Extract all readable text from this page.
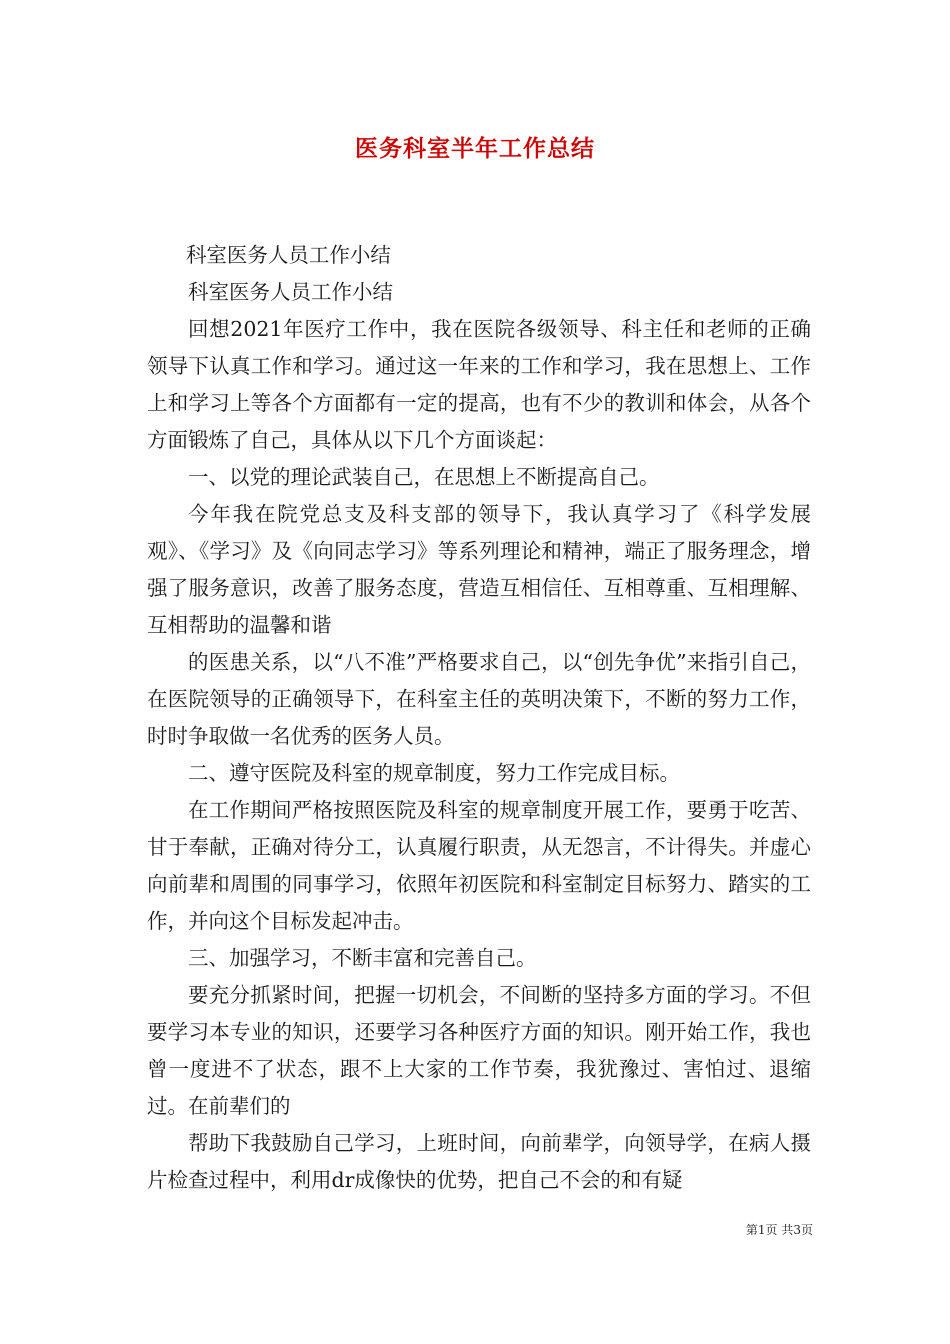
医务科室半年工作总结

科室医务人员工作小结

科室医务人员工作小结

回想2021年医疗工作中，我在医院各级领导、科主任和老师的正确领导下认真工作和学习。通过这一年来的工作和学习，我在思想上、工作上和学习上等各个方面都有一定的提高，也有不少的教训和体会，从各个方面锻炼了自己，具体从以下几个方面谈起：

一、以党的理论武装自己，在思想上不断提高自己。

今年我在院党总支及科支部的领导下，我认真学习了《科学发展观》、《学习》及《向同志学习》等系列理论和精神，端正了服务理念，增强了服务意识，改善了服务态度，营造互相信任、互相尊重、互相理解、互相帮助的温馨和谐

的医患关系，以“八不准”严格要求自己，以“创先争优”来指引自己，在医院领导的正确领导下，在科室主任的英明决策下，不断的努力工作，时时争取做一名优秀的医务人员。

二、遵守医院及科室的规章制度，努力工作完成目标。

在工作期间严格按照医院及科室的规章制度开展工作，要勇于吃苦、甘于奉献，正确对待分工，认真履行职责，从无怨言，不计得失。并虚心向前辈和周围的同事学习，依照年初医院和科室制定目标努力、踏实的工作，并向这个目标发起冲击。

三、加强学习，不断丰富和完善自己。

要充分抓紧时间，把握一切机会，不间断的坚持多方面的学习。不但要学习本专业的知识，还要学习各种医疗方面的知识。刚开始工作，我也曾一度进不了状态，跟不上大家的工作节奏，我犹豫过、害怕过、退缩过。在前辈们的

帮助下我鼓励自己学习，上班时间，向前辈学，向领导学，在病人摄片检查过程中，利用dr成像快的优势，把自己不会的和有疑

第1页 共3页
